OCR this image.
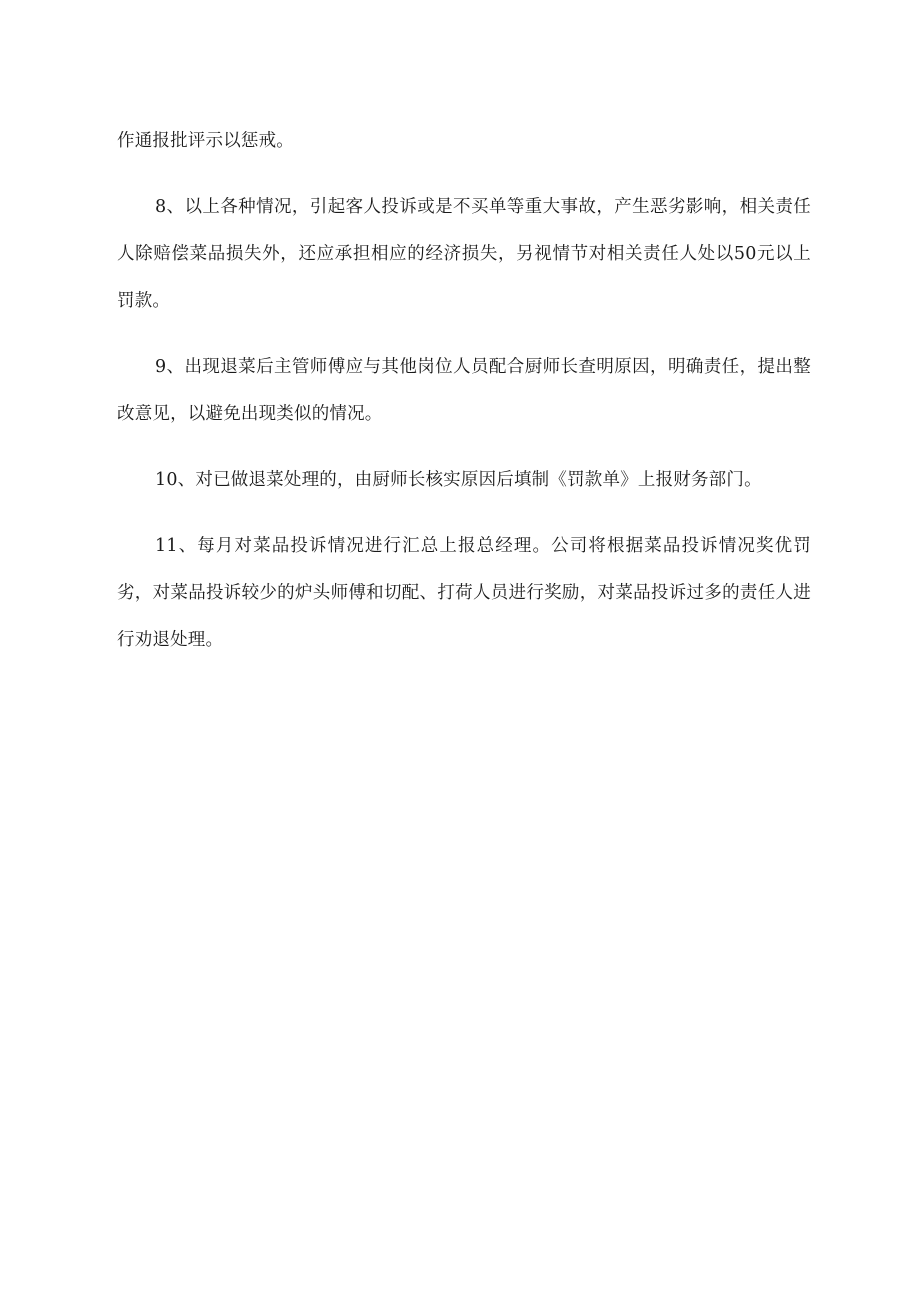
作通报批评示以惩戒。

8、以上各种情况，引起客人投诉或是不买单等重大事故，产生恶劣影响，相关责任人除赔偿菜品损失外，还应承担相应的经济损失，另视情节对相关责任人处以50元以上罚款。

9、出现退菜后主管师傅应与其他岗位人员配合厨师长查明原因，明确责任，提出整改意见，以避免出现类似的情况。

10、对已做退菜处理的，由厨师长核实原因后填制《罚款单》上报财务部门。

11、每月对菜品投诉情况进行汇总上报总经理。公司将根据菜品投诉情况奖优罚劣，对菜品投诉较少的炉头师傅和切配、打荷人员进行奖励，对菜品投诉过多的责任人进行劝退处理。
